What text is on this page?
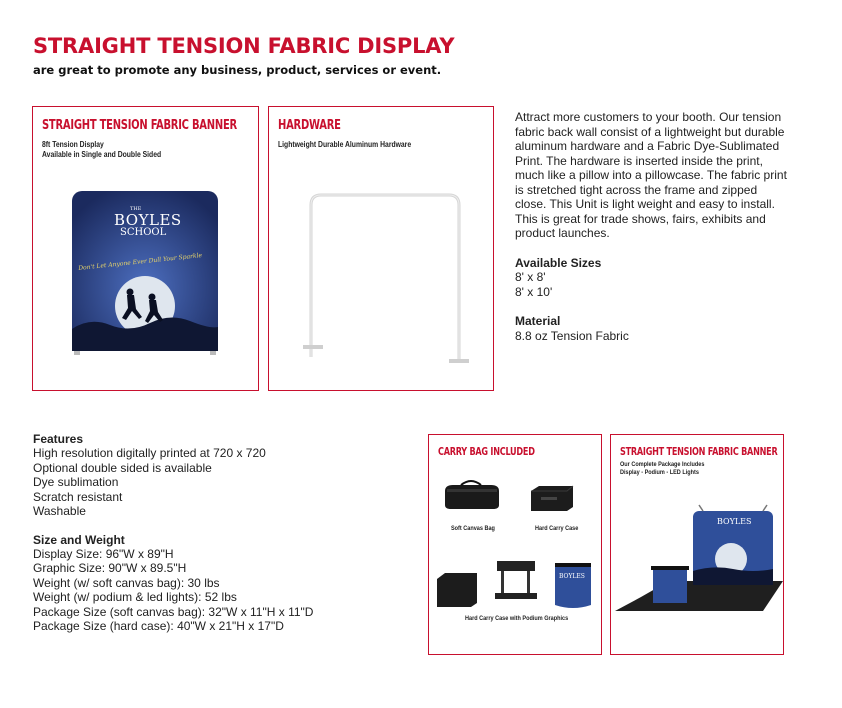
STRAIGHT TENSION FABRIC DISPLAY
are great to promote any business, product, services or event.
STRAIGHT TENSION FABRIC BANNER
8ft Tension Display
Available in Single and Double Sided
THE
BOYLES
SCHOOL
Don't Let Anyone Ever Dull Your Sparkle
HARDWARE
Lightweight Durable Aluminum Hardware
Attract more customers to your booth. Our tension fabric back wall consist of a lightweight but durable aluminum hardware and a Fabric Dye-Sublimated Print. The hardware is inserted inside the print, much like a pillow into a pillowcase. The fabric print is stretched tight across the frame and zipped close. This Unit is light weight and easy to install. This is great for trade shows, fairs, exhibits and product launches.
Available Sizes
8' x 8'
8' x 10'
Material
8.8 oz Tension Fabric
Features
High resolution digitally printed at 720 x 720
Optional double sided is available
Dye sublimation
Scratch resistant
Washable
Size and Weight
Display Size: 96"W x 89"H
Graphic Size: 90"W x 89.5"H
Weight (w/ soft canvas bag): 30 lbs
Weight (w/ podium & led lights): 52 lbs
Package Size (soft canvas bag): 32"W x 11"H x 11"D
Package Size (hard case): 40"W x 21"H x 17"D
CARRY BAG INCLUDED
Soft Canvas Bag	Hard Carry Case
BOYLES
Hard Carry Case with Podium Graphics
STRAIGHT TENSION FABRIC BANNER
Our Complete Package Includes
Display - Podium - LED Lights
BOYLES
